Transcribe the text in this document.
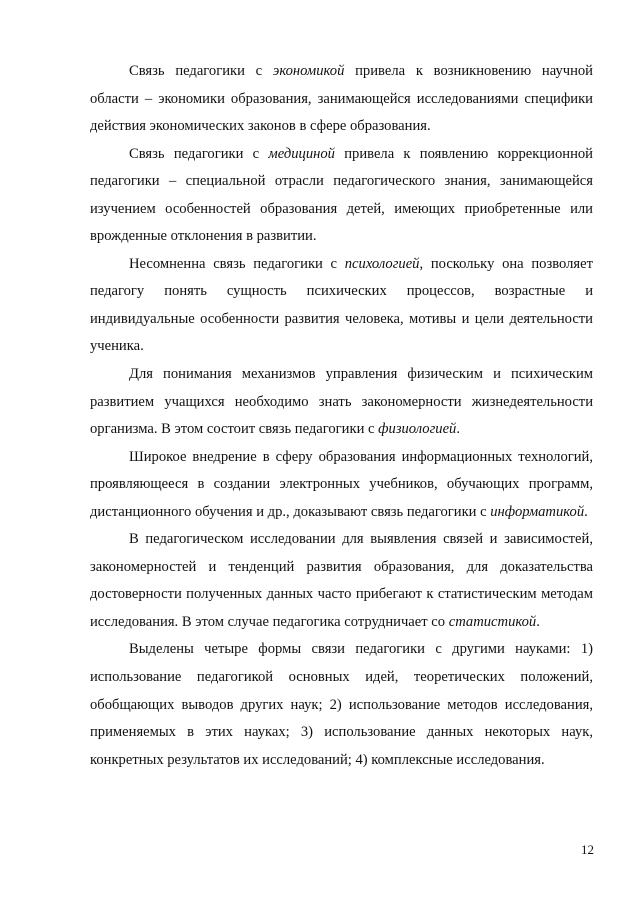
Связь педагогики с экономикой привела к возникновению научной области – экономики образования, занимающейся исследованиями специфики действия экономических законов в сфере образования.

Связь педагогики с медициной привела к появлению коррекционной педагогики – специальной отрасли педагогического знания, занимающейся изучением особенностей образования детей, имеющих приобретенные или врожденные отклонения в развитии.

Несомненна связь педагогики с психологией, поскольку она позволяет педагогу понять сущность психических процессов, возрастные и индивидуальные особенности развития человека, мотивы и цели деятельности ученика.

Для понимания механизмов управления физическим и психическим развитием учащихся необходимо знать закономерности жизнедеятельности организма. В этом состоит связь педагогики с физиологией.

Широкое внедрение в сферу образования информационных технологий, проявляющееся в создании электронных учебников, обучающих программ, дистанционного обучения и др., доказывают связь педагогики с информатикой.

В педагогическом исследовании для выявления связей и зависимостей, закономерностей и тенденций развития образования, для доказательства достоверности полученных данных часто прибегают к статистическим методам исследования. В этом случае педагогика сотрудничает со статистикой.

Выделены четыре формы связи педагогики с другими науками: 1) использование педагогикой основных идей, теоретических положений, обобщающих выводов других наук; 2) использование методов исследования, применяемых в этих науках; 3) использование данных некоторых наук, конкретных результатов их исследований; 4) комплексные исследования.

12
